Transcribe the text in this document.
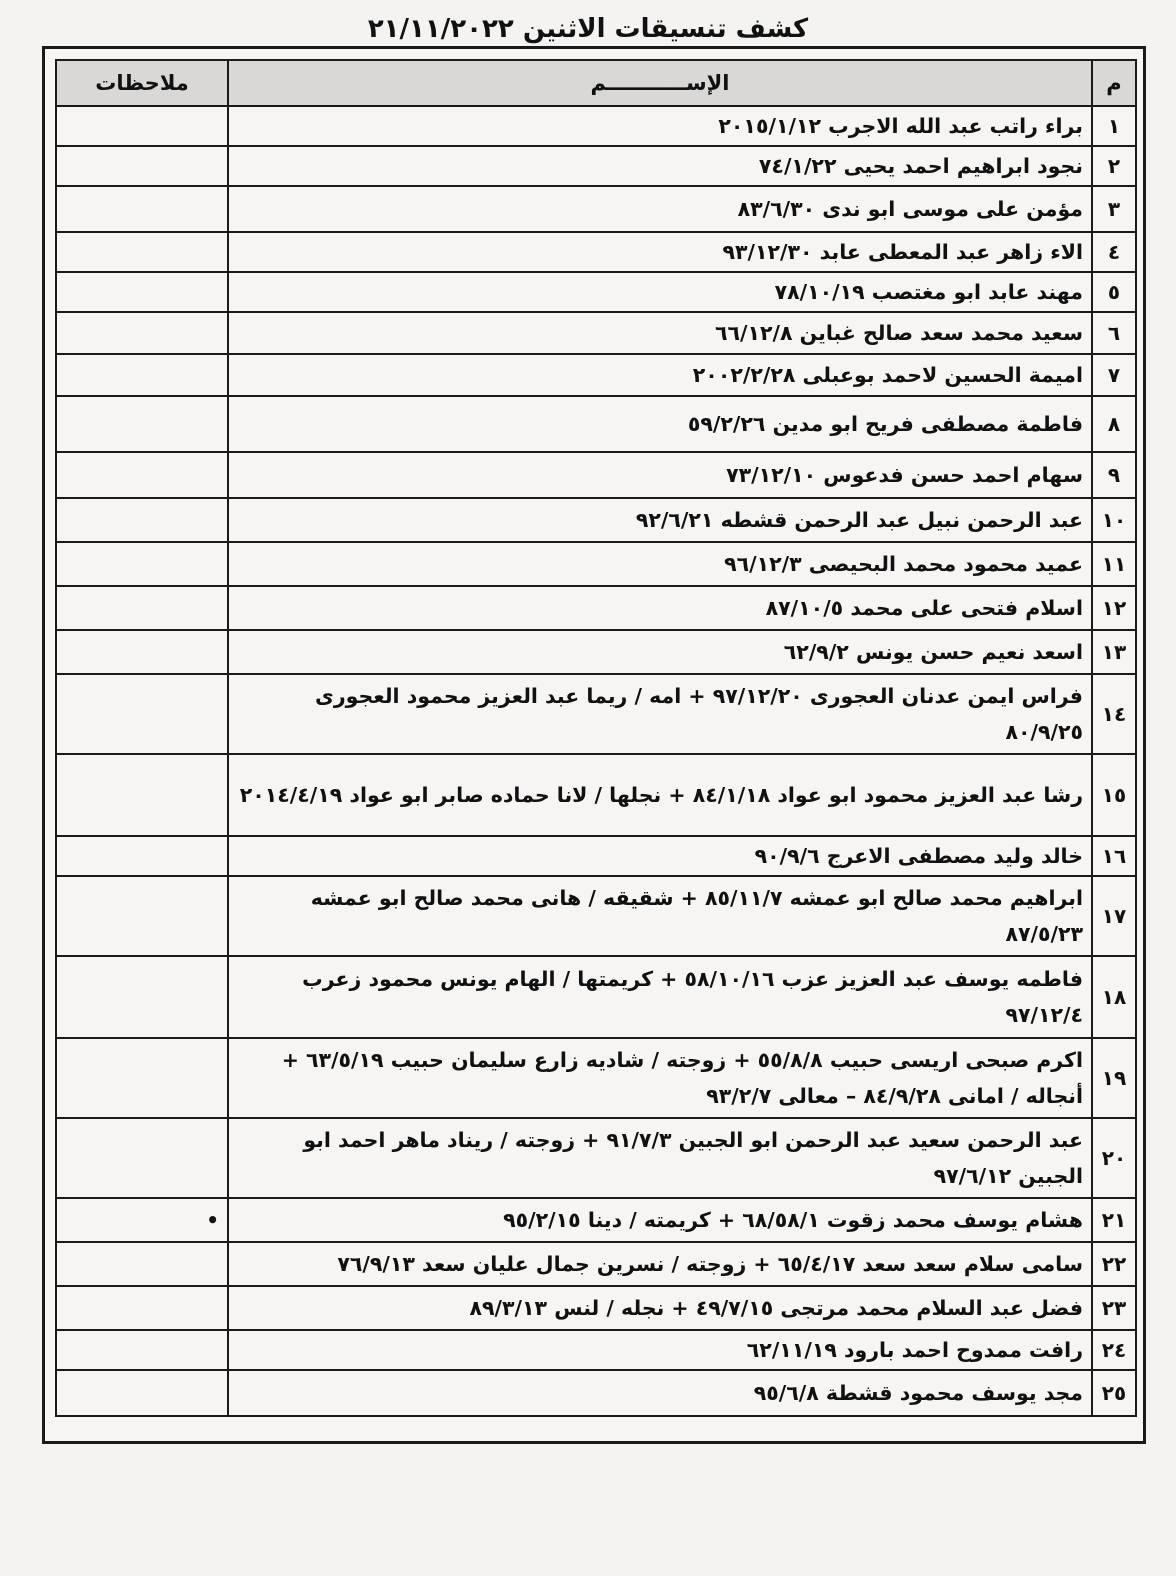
كشف تنسيقات الاثنين ٢١/١١/٢٠٢٢
م	الإســـــــــــم	ملاحظات
١	براء راتب عبد الله الاجرب ٢٠١٥/١/١٢	
٢	نجود ابراهيم احمد يحيى ٧٤/١/٢٢	
٣	مؤمن على موسى ابو ندى ٨٣/٦/٣٠	
٤	الاء زاهر عبد المعطى عابد ٩٣/١٢/٣٠	
٥	مهند عابد ابو مغتصب ٧٨/١٠/١٩	
٦	سعيد محمد سعد صالح غباين ٦٦/١٢/٨	
٧	اميمة الحسين لاحمد بوعبلى ٢٠٠٢/٢/٢٨	
٨	فاطمة مصطفى فريح ابو مدين ٥٩/٢/٢٦	
٩	سهام احمد حسن فدعوس ٧٣/١٢/١٠	
١٠	عبد الرحمن نبيل عبد الرحمن قشطه ٩٢/٦/٢١	
١١	عميد محمود محمد البحيصى ٩٦/١٢/٣	
١٢	اسلام فتحى على محمد ٨٧/١٠/٥	
١٣	اسعد نعيم حسن يونس ٦٢/٩/٢	
١٤	فراس ايمن عدنان العجورى ٩٧/١٢/٢٠ + امه / ريما عبد العزيز محمود العجورى ٨٠/٩/٢٥	
١٥	رشا عبد العزيز محمود ابو عواد ٨٤/١/١٨ + نجلها / لانا حماده صابر ابو عواد ٢٠١٤/٤/١٩	
١٦	خالد وليد مصطفى الاعرج ٩٠/٩/٦	
١٧	ابراهيم محمد صالح ابو عمشه ٨٥/١١/٧ + شقيقه / هانى محمد صالح ابو عمشه ٨٧/٥/٢٣	
١٨	فاطمه يوسف عبد العزيز عزب ٥٨/١٠/١٦ + كريمتها / الهام يونس محمود زعرب ٩٧/١٢/٤	
١٩	اكرم صبحى اريسى حبيب ٥٥/٨/٨ + زوجته / شاديه زارع سليمان حبيب ٦٣/٥/١٩ + أنجاله / امانى ٨٤/٩/٢٨ – معالى ٩٣/٢/٧	
٢٠	عبد الرحمن سعيد عبد الرحمن ابو الجبين ٩١/٧/٣ + زوجته / ريناد ماهر احمد ابو الجبين ٩٧/٦/١٢	
٢١	هشام يوسف محمد زقوت ٦٨/٥٨/١ + كريمته / دينا ٩٥/٢/١٥	•
٢٢	سامى سلام سعد سعد ٦٥/٤/١٧ + زوجته / نسرين جمال عليان سعد ٧٦/٩/١٣	
٢٣	فضل عبد السلام محمد مرتجى ٤٩/٧/١٥ + نجله / لنس ٨٩/٣/١٣	
٢٤	رافت ممدوح احمد بارود ٦٢/١١/١٩	
٢٥	مجد يوسف محمود قشطة ٩٥/٦/٨	
